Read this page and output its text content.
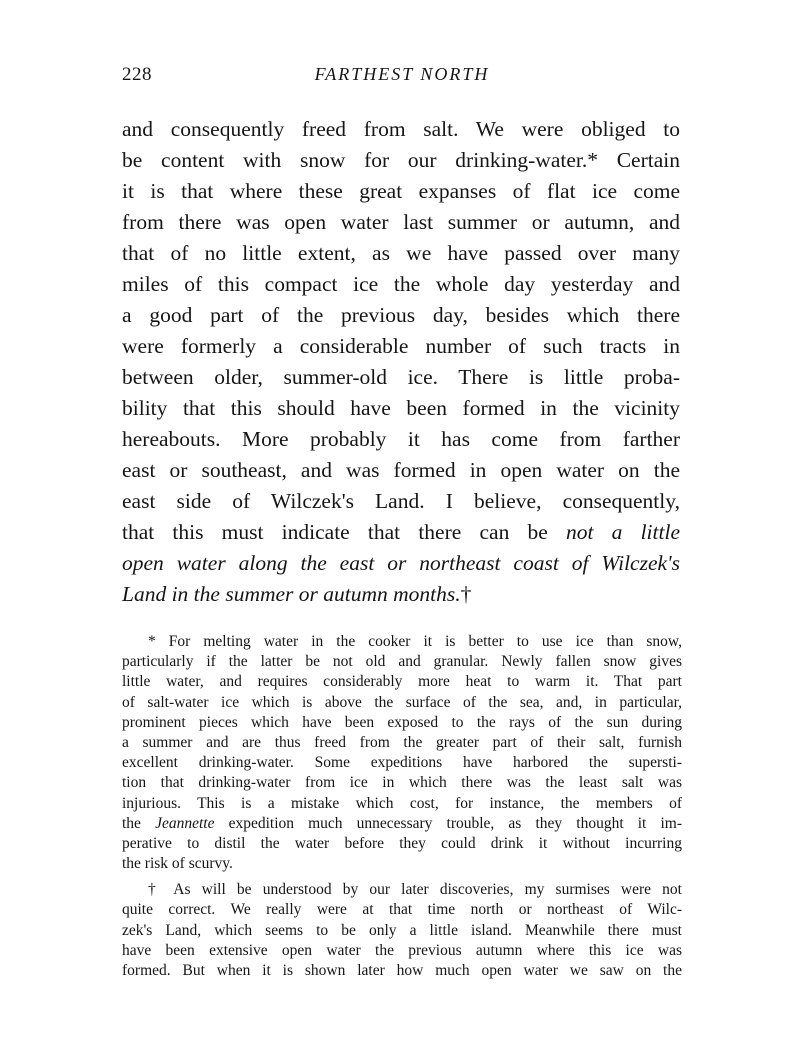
228	FARTHEST NORTH
and consequently freed from salt. We were obliged to
be content with snow for our drinking-water.* Certain
it is that where these great expanses of flat ice come
from there was open water last summer or autumn, and
that of no little extent, as we have passed over many
miles of this compact ice the whole day yesterday and
a good part of the previous day, besides which there
were formerly a considerable number of such tracts in
between older, summer-old ice. There is little proba-
bility that this should have been formed in the vicinity
hereabouts. More probably it has come from farther
east or southeast, and was formed in open water on the
east side of Wilczek's Land. I believe, consequently,
that this must indicate that there can be not a little
open water along the east or northeast coast of Wilczek's
Land in the summer or autumn months.†
* For melting water in the cooker it is better to use ice than snow,
particularly if the latter be not old and granular. Newly fallen snow gives
little water, and requires considerably more heat to warm it. That part
of salt-water ice which is above the surface of the sea, and, in particular,
prominent pieces which have been exposed to the rays of the sun during
a summer and are thus freed from the greater part of their salt, furnish
excellent drinking-water. Some expeditions have harbored the supersti-
tion that drinking-water from ice in which there was the least salt was
injurious. This is a mistake which cost, for instance, the members of
the Jeannette expedition much unnecessary trouble, as they thought it im-
perative to distil the water before they could drink it without incurring
the risk of scurvy.
† As will be understood by our later discoveries, my surmises were not
quite correct. We really were at that time north or northeast of Wilc-
zek's Land, which seems to be only a little island. Meanwhile there must
have been extensive open water the previous autumn where this ice was
formed. But when it is shown later how much open water we saw on the
